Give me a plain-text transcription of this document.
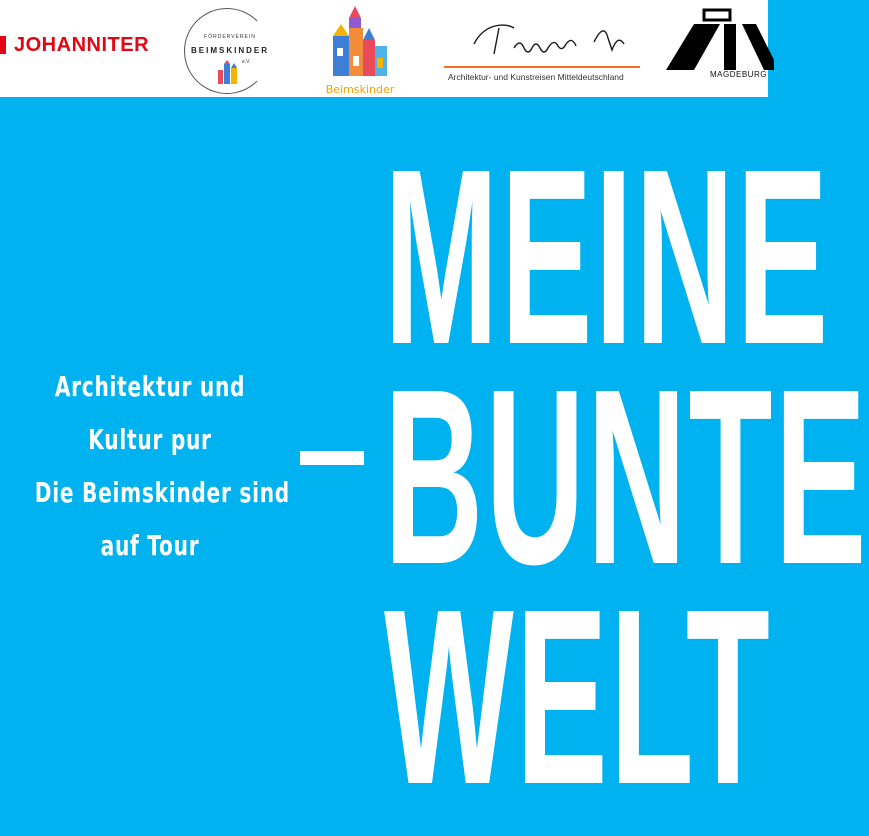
JOHANNITER	FÖRDERVEREIN
BEIMSKINDER
e.V.
Beimskinder
Architektur- und Kunstreisen Mitteldeutschland	MAGDEBURG
Architektur und
Kultur pur
Die Beimskinder sind
auf Tour
MEINE
BUNTE
WELT
